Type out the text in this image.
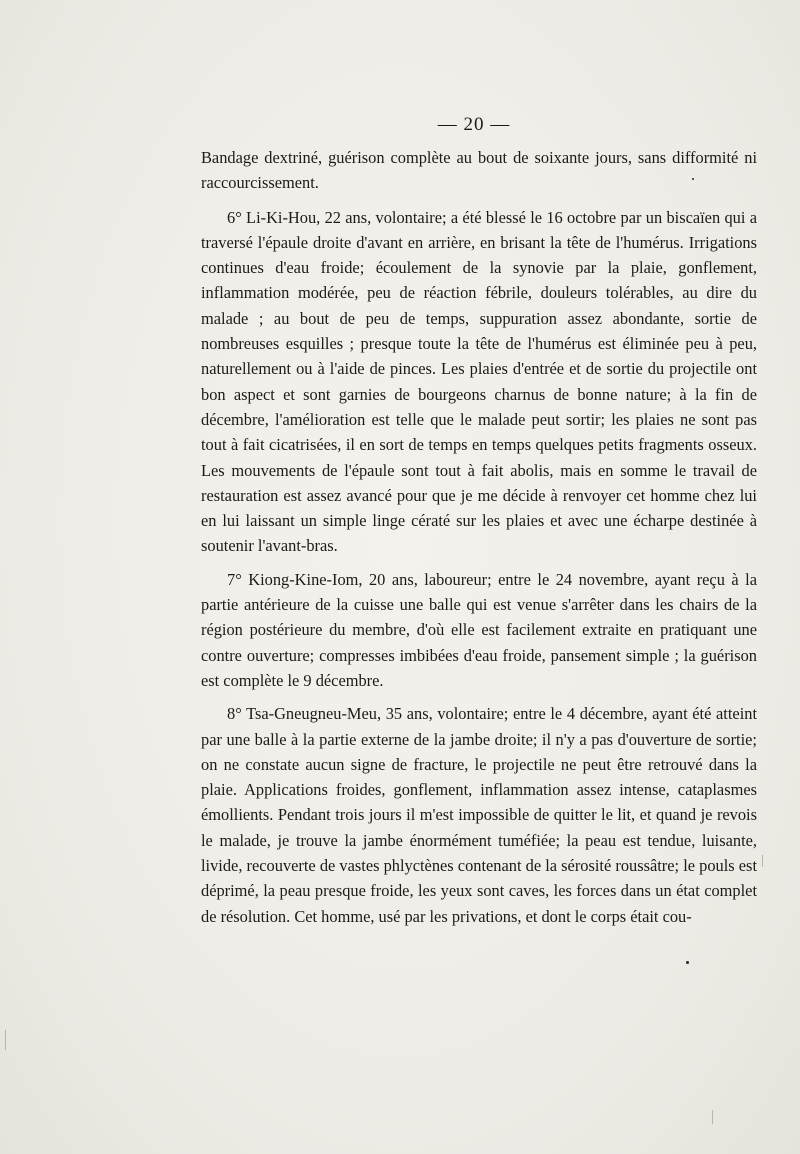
— 20 —

Bandage dextriné, guérison complète au bout de soixante jours, sans difformité ni raccourcissement.

6° Li-Ki-Hou, 22 ans, volontaire; a été blessé le 16 octobre par un biscaïen qui a traversé l'épaule droite d'avant en arrière, en brisant la tête de l'humérus. Irrigations continues d'eau froide; écoulement de la synovie par la plaie, gonflement, inflammation modérée, peu de réaction fébrile, douleurs tolérables, au dire du malade ; au bout de peu de temps, suppuration assez abondante, sortie de nombreuses esquilles ; presque toute la tête de l'humérus est éliminée peu à peu, naturellement ou à l'aide de pinces. Les plaies d'entrée et de sortie du projectile ont bon aspect et sont garnies de bourgeons charnus de bonne nature; à la fin de décembre, l'amélioration est telle que le malade peut sortir; les plaies ne sont pas tout à fait cicatrisées, il en sort de temps en temps quelques petits fragments osseux. Les mouvements de l'épaule sont tout à fait abolis, mais en somme le travail de restauration est assez avancé pour que je me décide à renvoyer cet homme chez lui en lui laissant un simple linge cératé sur les plaies et avec une écharpe destinée à soutenir l'avant-bras.

7° Kiong-Kine-Iom, 20 ans, laboureur; entre le 24 novembre, ayant reçu à la partie antérieure de la cuisse une balle qui est venue s'arrêter dans les chairs de la région postérieure du membre, d'où elle est facilement extraite en pratiquant une contre ouverture; compresses imbibées d'eau froide, pansement simple ; la guérison est complète le 9 décembre.

8° Tsa-Gneugneu-Meu, 35 ans, volontaire; entre le 4 décembre, ayant été atteint par une balle à la partie externe de la jambe droite; il n'y a pas d'ouverture de sortie; on ne constate aucun signe de fracture, le projectile ne peut être retrouvé dans la plaie. Applications froides, gonflement, inflammation assez intense, cataplasmes émollients. Pendant trois jours il m'est impossible de quitter le lit, et quand je revois le malade, je trouve la jambe énormément tuméfiée; la peau est tendue, luisante, livide, recouverte de vastes phlyctènes contenant de la sérosité roussâtre; le pouls est déprimé, la peau presque froide, les yeux sont caves, les forces dans un état complet de résolution. Cet homme, usé par les privations, et dont le corps était cou-
